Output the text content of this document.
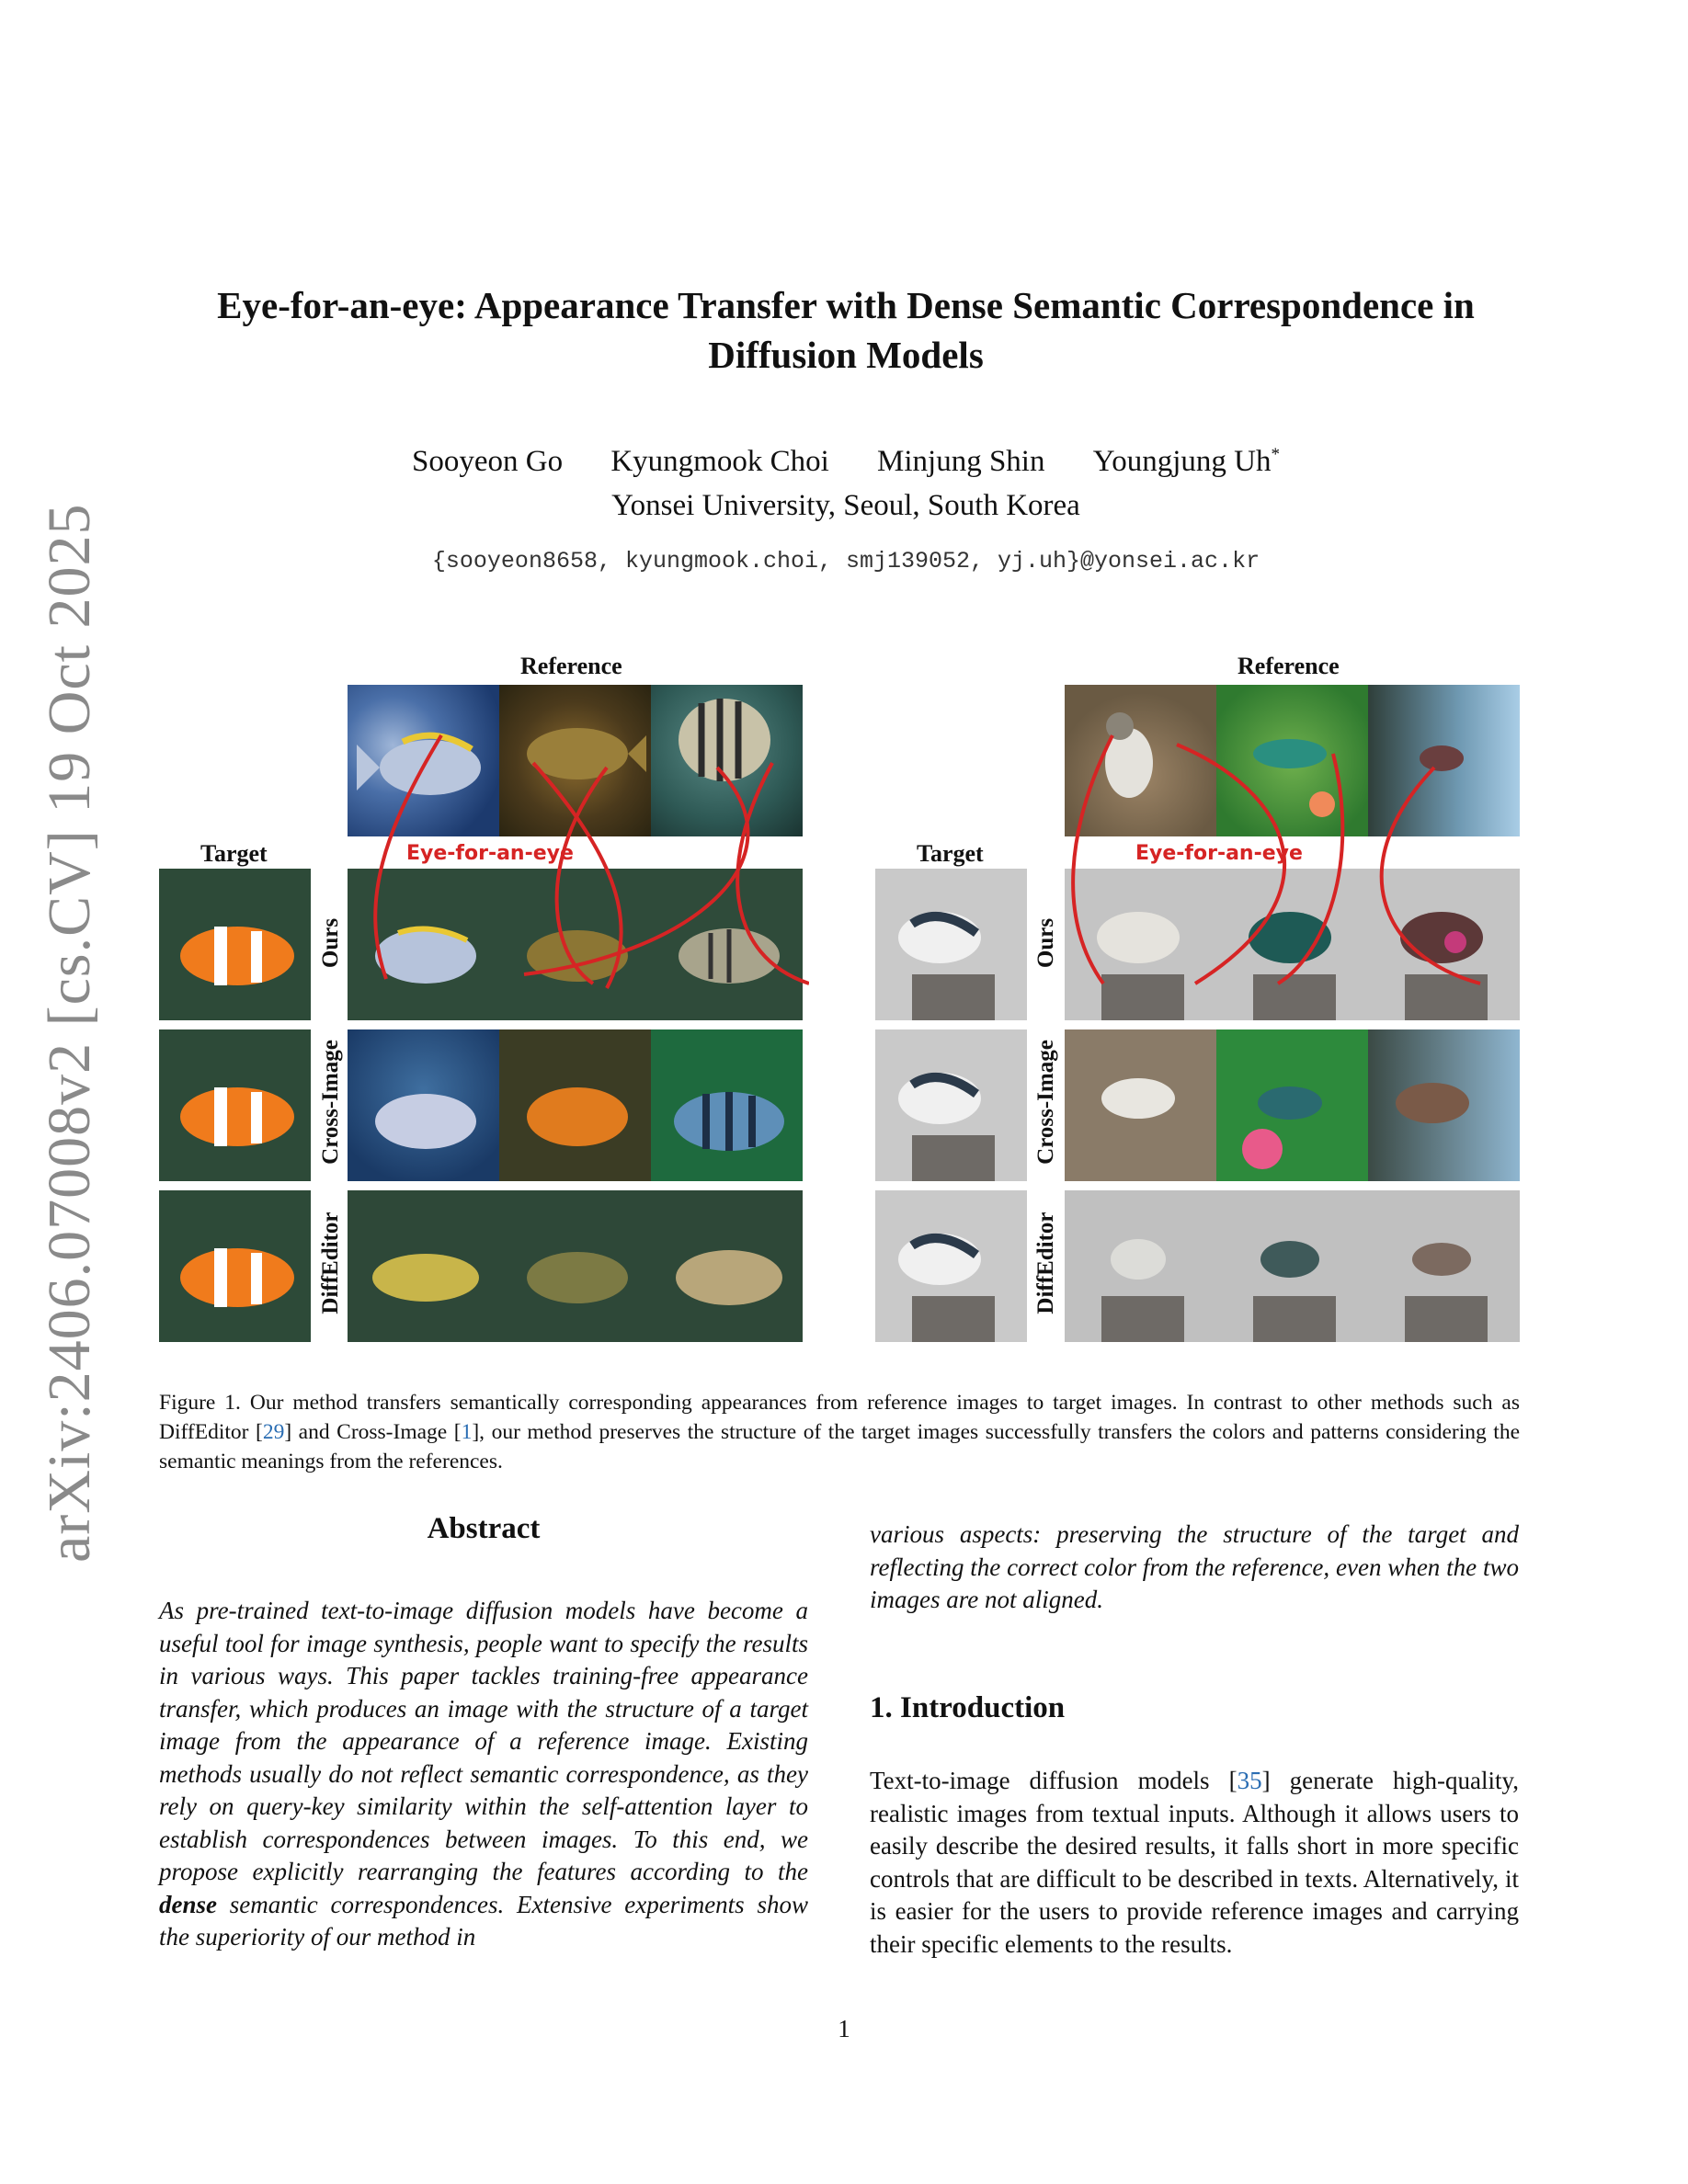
arXiv:2406.07008v2 [cs.CV] 19 Oct 2025
Eye-for-an-eye: Appearance Transfer with Dense Semantic Correspondence in
Diffusion Models
Sooyeon Go Kyungmook Choi Minjung Shin Youngjung Uh*
Yonsei University, Seoul, South Korea
{sooyeon8658, kyungmook.choi, smj139052, yj.uh}@yonsei.ac.kr
Reference
Target
Ours
Cross-Image
DiffEditor
Eye-for-an-eye
Reference
Target
Ours
Cross-Image
DiffEditor
Eye-for-an-eye
Figure 1. Our method transfers semantically corresponding appearances from reference images to target images. In contrast to other methods such as DiffEditor [29] and Cross-Image [1], our method preserves the structure of the target images successfully transfers the colors and patterns considering the semantic meanings from the references.
Abstract
As pre-trained text-to-image diffusion models have become a useful tool for image synthesis, people want to specify the results in various ways. This paper tackles training-free appearance transfer, which produces an image with the structure of a target image from the appearance of a reference image. Existing methods usually do not reflect semantic correspondence, as they rely on query-key similarity within the self-attention layer to establish correspondences between images. To this end, we propose explicitly rearranging the features according to the dense semantic correspondences. Extensive experiments show the superiority of our method in
various aspects: preserving the structure of the target and reflecting the correct color from the reference, even when the two images are not aligned.
1. Introduction
Text-to-image diffusion models [35] generate high-quality, realistic images from textual inputs. Although it allows users to easily describe the desired results, it falls short in more specific controls that are difficult to be described in texts. Alternatively, it is easier for the users to provide reference images and carrying their specific elements to the results.
1
